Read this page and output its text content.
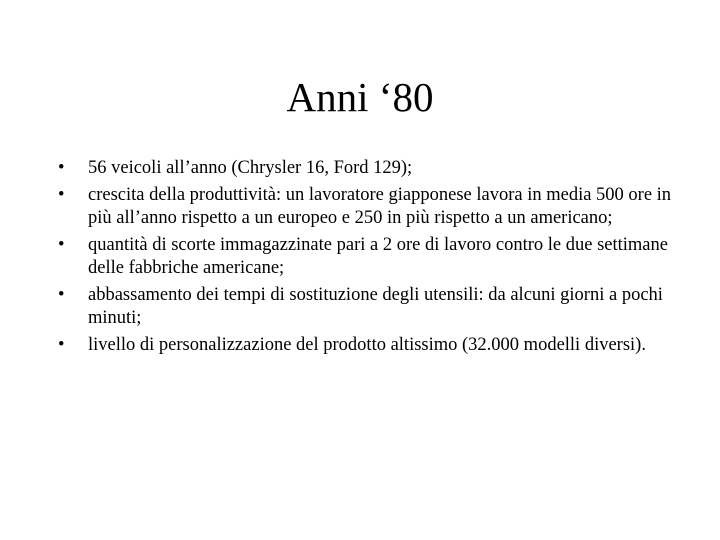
Anni ‘80
•	56 veicoli all’anno (Chrysler 16, Ford 129);
•	crescita della produttività: un lavoratore giapponese lavora in media 500 ore in più all’anno rispetto a un europeo e 250 in più rispetto a un americano;
•	quantità di scorte immagazzinate pari a 2 ore di lavoro contro le due settimane delle fabbriche americane;
•	abbassamento dei tempi di sostituzione degli utensili: da alcuni giorni a pochi minuti;
•	livello di personalizzazione del prodotto altissimo (32.000 modelli diversi).
